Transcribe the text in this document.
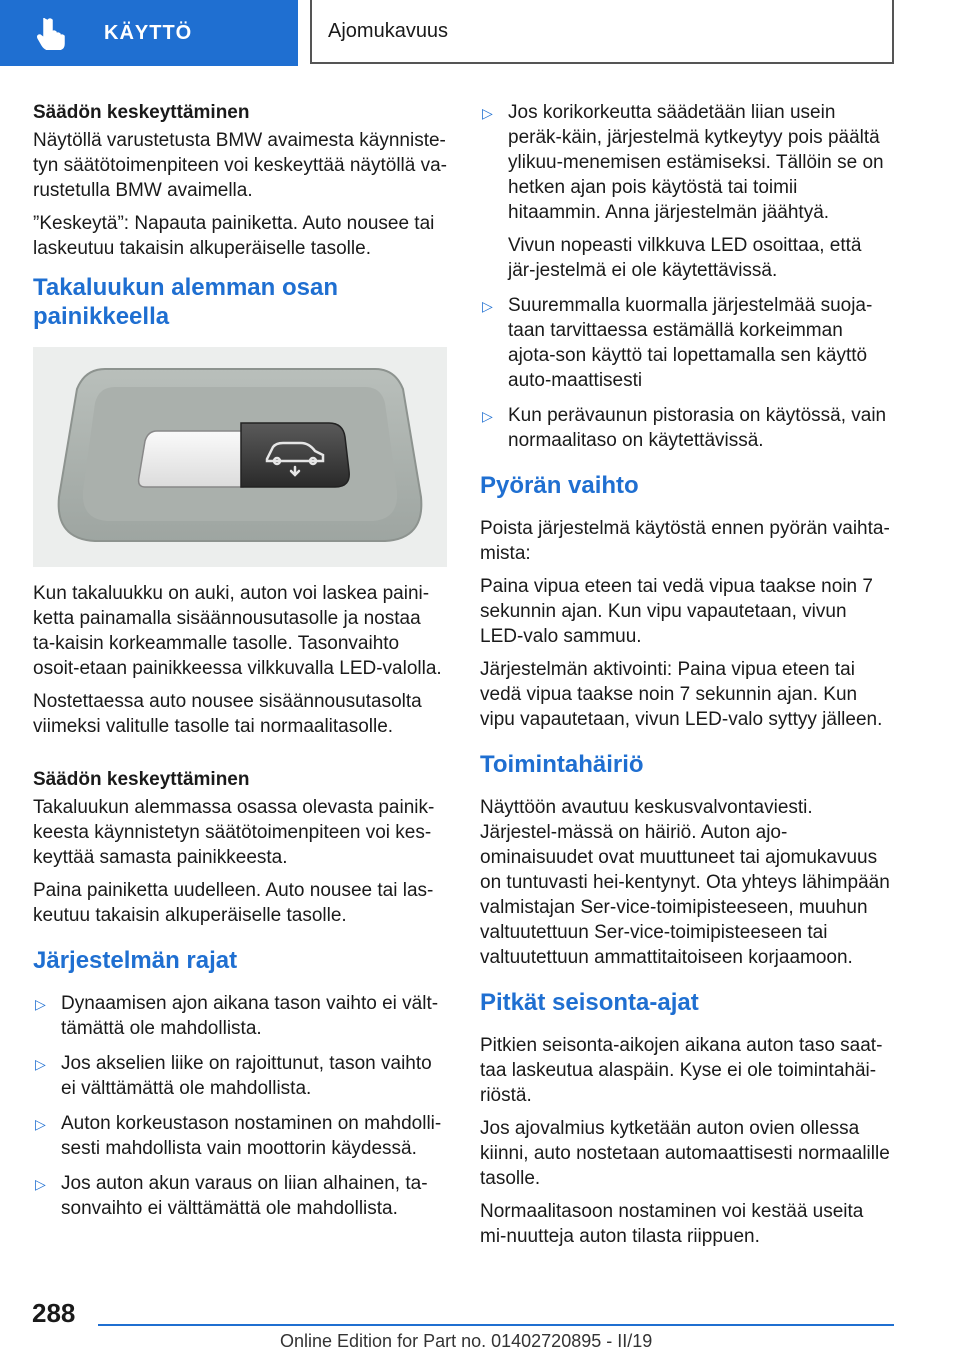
KÄYTTÖ	Ajomukavuus
Säädön keskeyttäminen

Näytöllä varustetusta BMW avaimesta käynniste-tyn säätötoimenpiteen voi keskeyttää näytöllä va-rustetulla BMW avaimella.

”Keskeytä”: Napauta painiketta. Auto nousee tai laskeutuu takaisin alkuperäiselle tasolle.

Takaluukun alemman osan painikkeella

Kun takaluukku on auki, auton voi laskea paini-ketta painamalla sisäännousutasolle ja nostaa ta-kaisin korkeammalle tasolle. Tasonvaihto osoit-etaan painikkeessa vilkkuvalla LED-valolla.

Nostettaessa auto nousee sisäännousutasolta viimeksi valitulle tasolle tai normaalitasolle.

Säädön keskeyttäminen

Takaluukun alemmassa osassa olevasta painik-keesta käynnistetyn säätötoimenpiteen voi kes-keyttää samasta painikkeesta.

Paina painiketta uudelleen. Auto nousee tai las-keutuu takaisin alkuperäiselle tasolle.

Järjestelmän rajat
▷ Dynaamisen ajon aikana tason vaihto ei vält-tämättä ole mahdollista.
▷ Jos akselien liike on rajoittunut, tason vaihto ei välttämättä ole mahdollista.
▷ Auton korkeustason nostaminen on mahdolli-sesti mahdollista vain moottorin käydessä.
▷ Jos auton akun varaus on liian alhainen, ta-sonvaihto ei välttämättä ole mahdollista.
▷ Jos korikorkeutta säädetään liian usein peräk-käin, järjestelmä kytkeytyy pois päältä ylikuu-menemisen estämiseksi. Tällöin se on hetken ajan pois käytöstä tai toimii hitaammin. Anna järjestelmän jäähtyä.

Vivun nopeasti vilkkuva LED osoittaa, että jär-jestelmä ei ole käytettävissä.

▷ Suuremmalla kuormalla järjestelmää suoja-taan tarvittaessa estämällä korkeimman ajota-son käyttö tai lopettamalla sen käyttö auto-maattisesti
▷ Kun perävaunun pistorasia on käytössä, vain normaalitaso on käytettävissä.
Pyörän vaihto

Poista järjestelmä käytöstä ennen pyörän vaihta-mista:

Paina vipua eteen tai vedä vipua taakse noin 7 sekunnin ajan. Kun vipu vapautetaan, vivun LED-valo sammuu.

Järjestelmän aktivointi: Paina vipua eteen tai vedä vipua taakse noin 7 sekunnin ajan. Kun vipu vapautetaan, vivun LED-valo syttyy jälleen.

Toimintahäiriö

Näyttöön avautuu keskusvalvontaviesti. Järjestel-mässä on häiriö. Auton ajo-ominaisuudet ovat muuttuneet tai ajomukavuus on tuntuvasti hei-kentynyt. Ota yhteys lähimpään valmistajan Ser-vice-toimipisteeseen, muuhun valtuutettuun Ser-vice-toimipisteeseen tai valtuutettuun ammattitaitoiseen korjaamoon.

Pitkät seisonta-ajat

Pitkien seisonta-aikojen aikana auton taso saat-taa laskeutua alaspäin. Kyse ei ole toimintahäi-riöstä.

Jos ajovalmius kytketään auton ovien ollessa kiinni, auto nostetaan automaattisesti normaalille tasolle.

Normaalitasoon nostaminen voi kestää useita mi-nuutteja auton tilasta riippuen.

288
Online Edition for Part no. 01402720895 - II/19
